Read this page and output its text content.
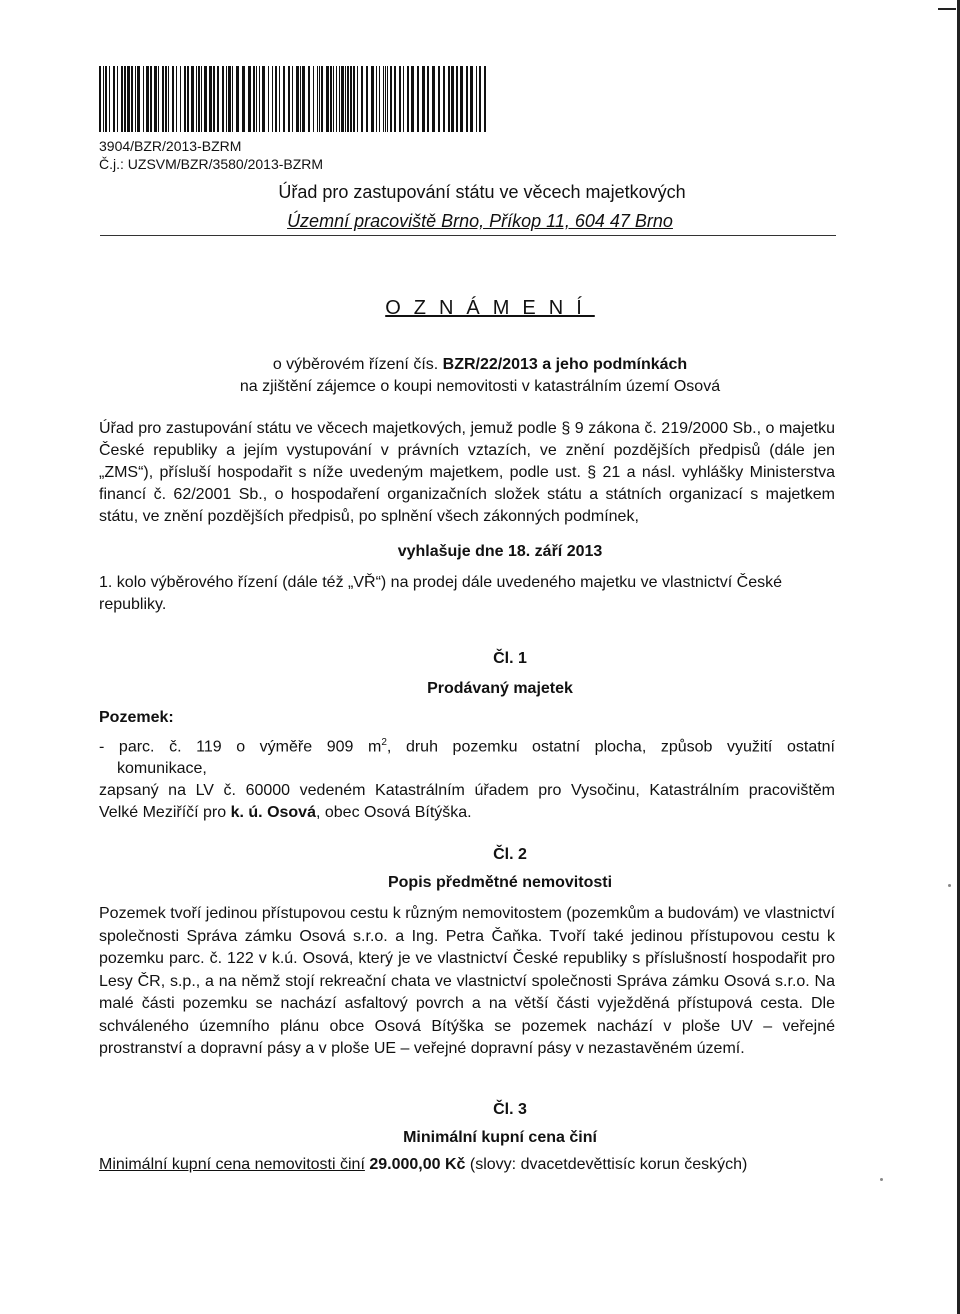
3904/BZR/2013-BZRM
Č.j.: UZSVM/BZR/3580/2013-BZRM
Úřad pro zastupování státu ve věcech majetkových
Územní pracoviště Brno, Příkop 11, 604 47 Brno
OZNÁMENÍ
o výběrovém řízení čís. BZR/22/2013 a jeho podmínkách
na zjištění zájemce o koupi nemovitosti v katastrálním území Osová

Úřad pro zastupování státu ve věcech majetkových, jemuž podle § 9 zákona č. 219/2000 Sb., o majetku České republiky a jejím vystupování v právních vztazích, ve znění pozdějších předpisů (dále jen „ZMS“), přísluší hospodařit s níže uvedeným majetkem, podle ust. § 21 a násl. vyhlášky Ministerstva financí č. 62/2001 Sb., o hospodaření organizačních složek státu a státních organizací s majetkem státu, ve znění pozdějších předpisů, po splnění všech zákonných podmínek,

vyhlašuje dne 18. září 2013

1. kolo výběrového řízení (dále též „VŘ“) na prodej dále uvedeného majetku ve vlastnictví České republiky.

Čl. 1
Prodávaný majetek
Pozemek:
- parc. č. 119 o výměře 909 $m^2$, druh pozemku ostatní plocha, způsob využití ostatní
komunikace,
zapsaný na LV č. 60000 vedeném Katastrálním úřadem pro Vysočinu, Katastrálním pracovištěm
Velké Meziříčí pro k. ú. Osová, obec Osová Bítýška.
Čl. 2
Popis předmětné nemovitosti

Pozemek tvoří jedinou přístupovou cestu k různým nemovitostem (pozemkům a budovám) ve vlastnictví společnosti Správa zámku Osová s.r.o. a Ing. Petra Čaňka. Tvoří také jedinou přístupovou cestu k pozemku parc. č. 122 v k.ú. Osová, který je ve vlastnictví České republiky s příslušností hospodařit pro Lesy ČR, s.p., a na němž stojí rekreační chata ve vlastnictví společnosti Správa zámku Osová s.r.o. Na malé části pozemku se nachází asfaltový povrch a na větší části vyježděná přístupová cesta. Dle schváleného územního plánu obce Osová Bítýška se pozemek nachází v ploše UV – veřejné prostranství a dopravní pásy a v ploše UE – veřejné dopravní pásy v nezastavěném území.

Čl. 3
Minimální kupní cena činí
Minimální kupní cena nemovitosti činí 29.000,00 Kč (slovy: dvacetdevěttisíc korun českých)
